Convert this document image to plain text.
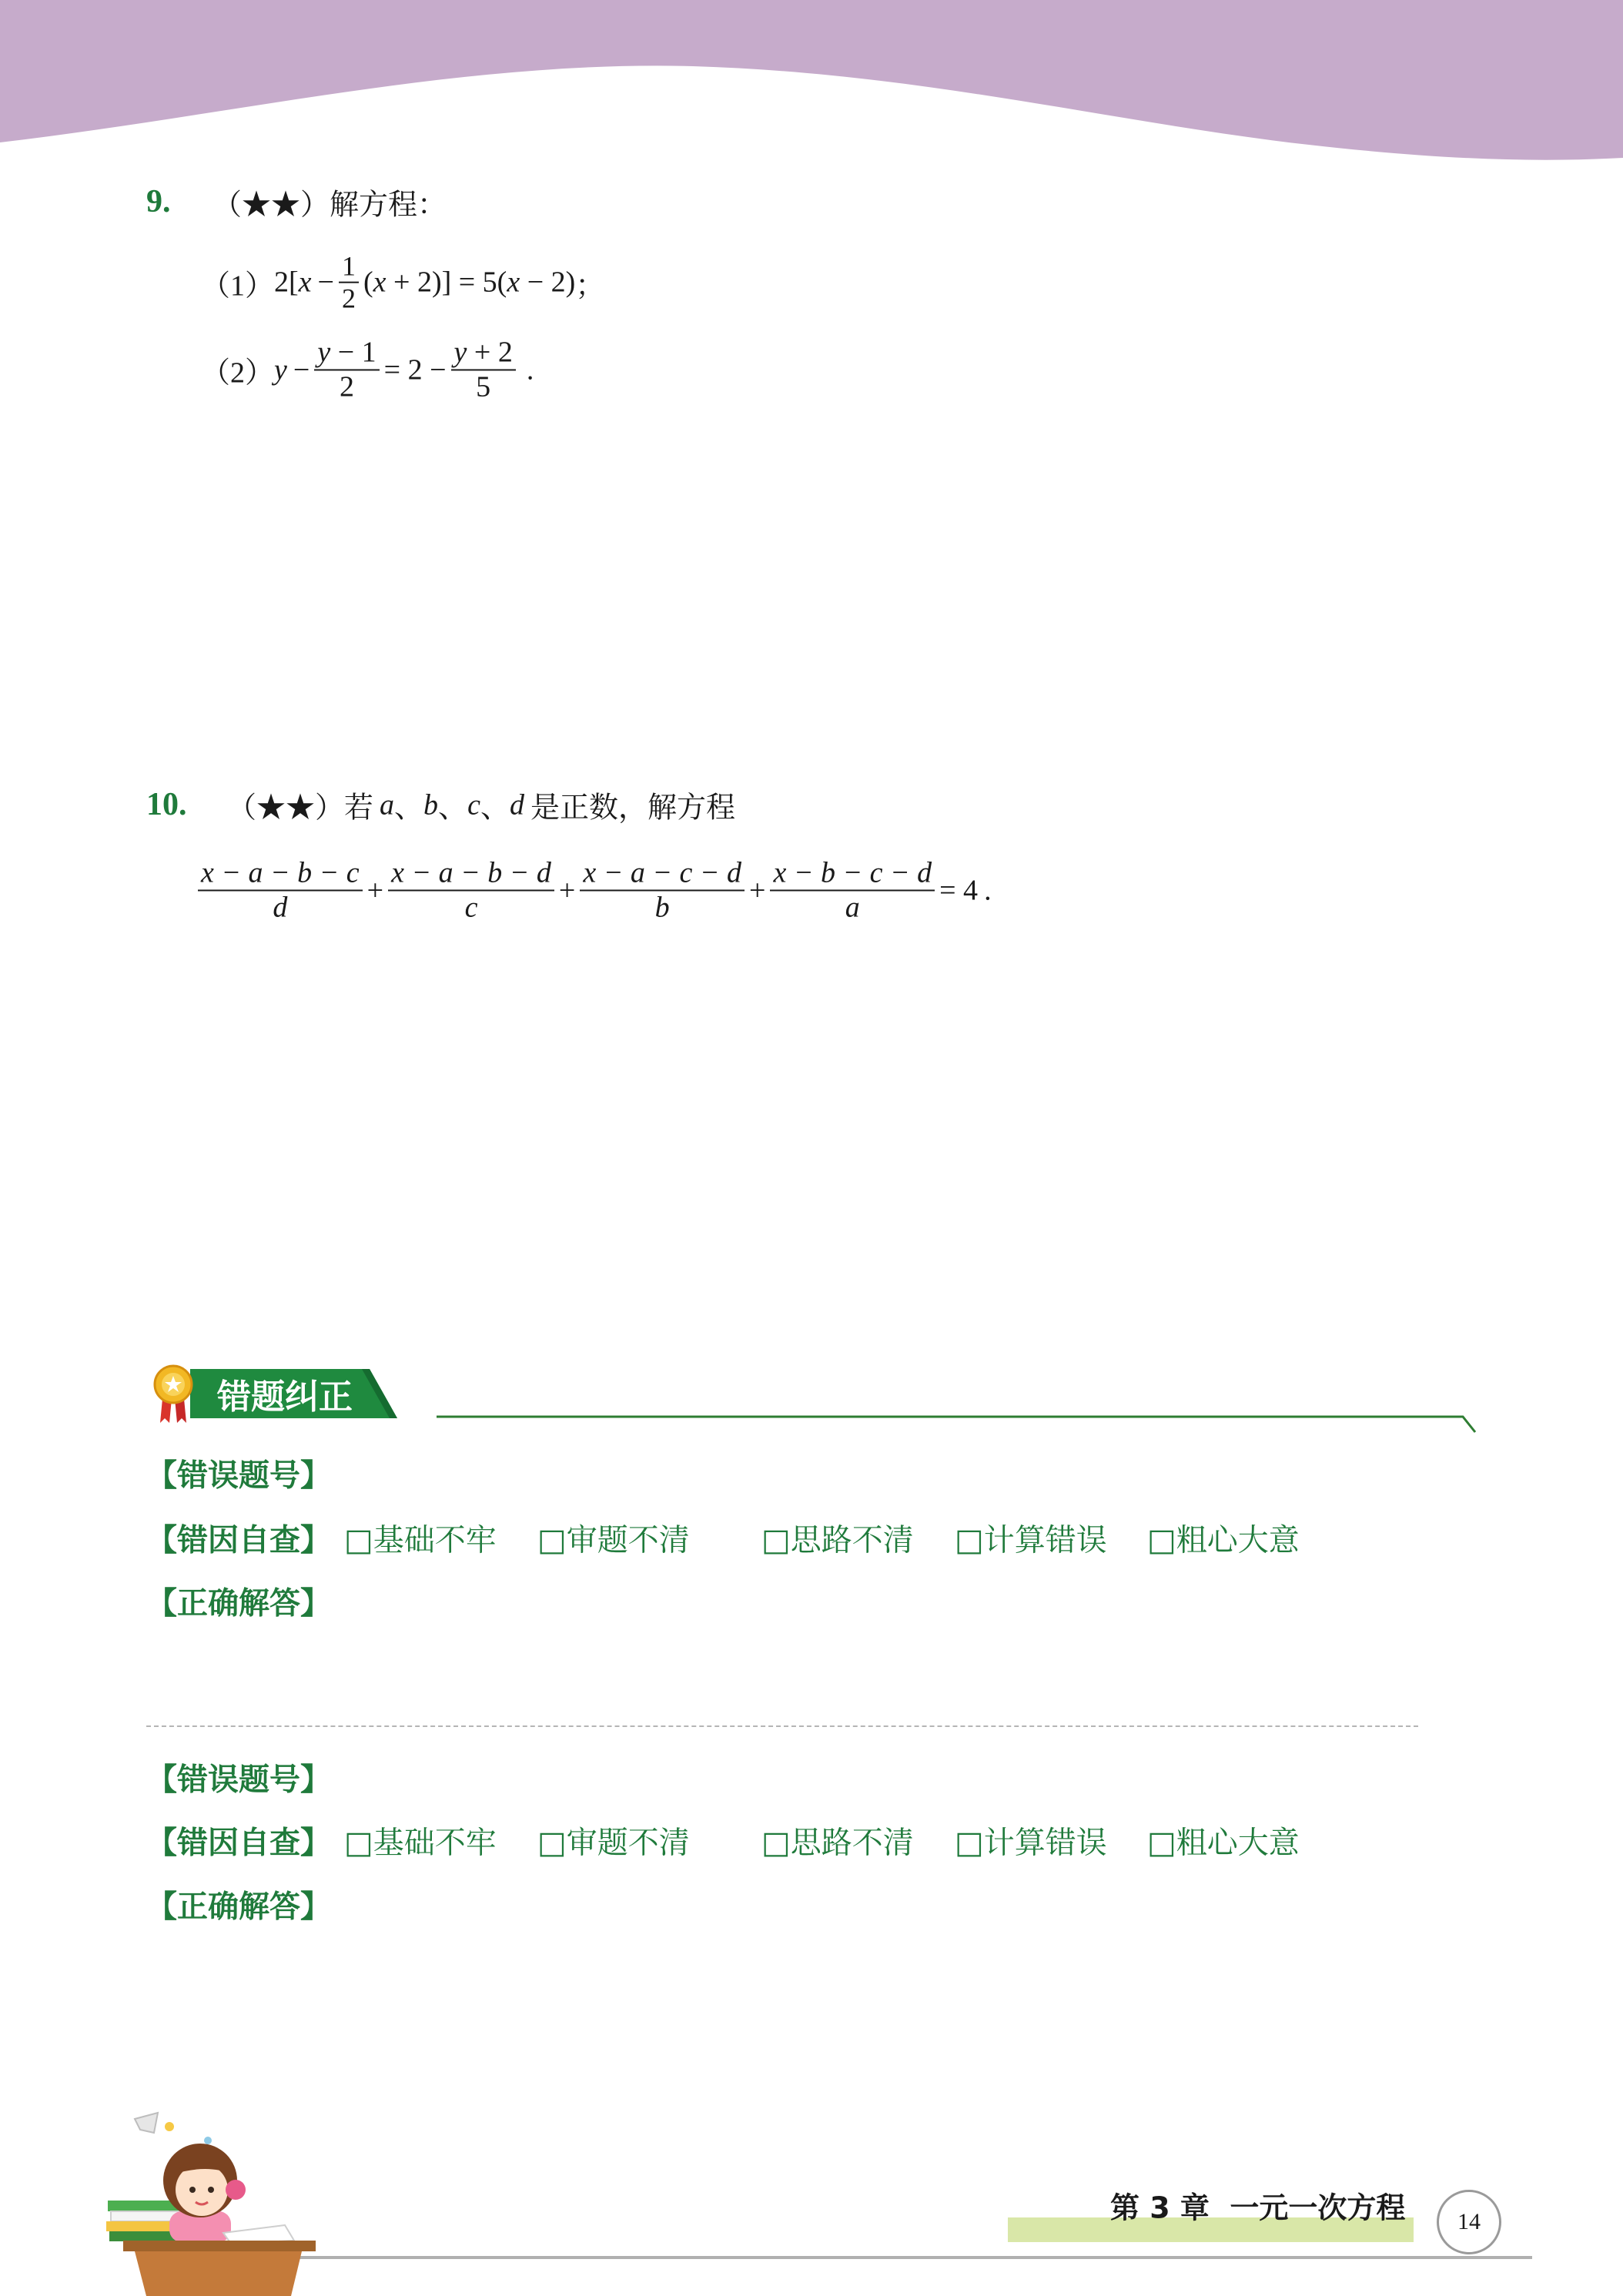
9. （★★） 解方程：
（1） 2[ $x - \frac{1}{2}$ ( x + 2)] = 5( x − 2) ；
（2） $y - \frac{y - 1}{2} = 2 - \frac{y + 2}{5}$ .
10. （★★） 若 a 、 b 、 c 、 d 是正数，解方程
$\frac{x - a - b - c}{d} + \frac{x - a - b - d}{c} + \frac{x - a - c - d}{b} + \frac{x - b - c - d}{a} = 4$ .
错题纠正
【错误题号】
【错因自查】 □基础不牢 □审题不清 □思路不清 □计算错误 □粗心大意
【正确解答】
【错误题号】
【错因自查】 □基础不牢 □审题不清 □思路不清 □计算错误 □粗心大意
【正确解答】
第 3 章  一元一次方程 14
